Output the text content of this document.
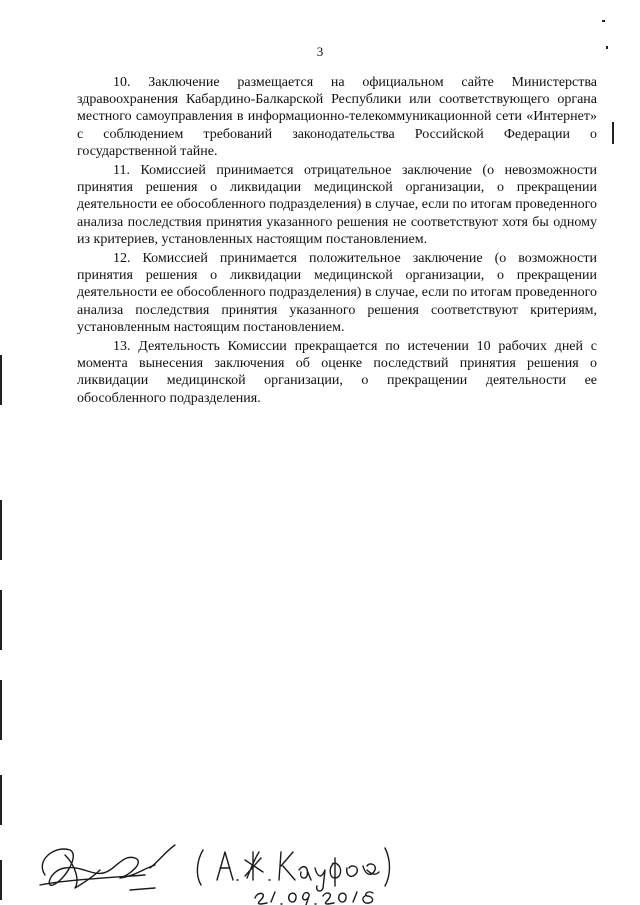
3

10. Заключение размещается на официальном сайте Министерства здравоохранения Кабардино-Балкарской Республики или соответствующего органа местного самоуправления в информационно-телекоммуникационной сети «Интернет» с соблюдением требований законодательства Российской Федерации о государственной тайне.

11. Комиссией принимается отрицательное заключение (о невозможности принятия решения о ликвидации медицинской организации, о прекращении деятельности ее обособленного подразделения) в случае, если по итогам проведенного анализа последствия принятия указанного решения не соответствуют хотя бы одному из критериев, установленных настоящим постановлением.

12. Комиссией принимается положительное заключение (о возможности принятия решения о ликвидации медицинской организации, о прекращении деятельности ее обособленного подразделения) в случае, если по итогам проведенного анализа последствия принятия указанного решения соответствуют критериям, установленным настоящим постановлением.

13. Деятельность Комиссии прекращается по истечении 10 рабочих дней с момента вынесения заключения об оценке последствий принятия решения о ликвидации медицинской организации, о прекращении деятельности ее обособленного подразделения.
